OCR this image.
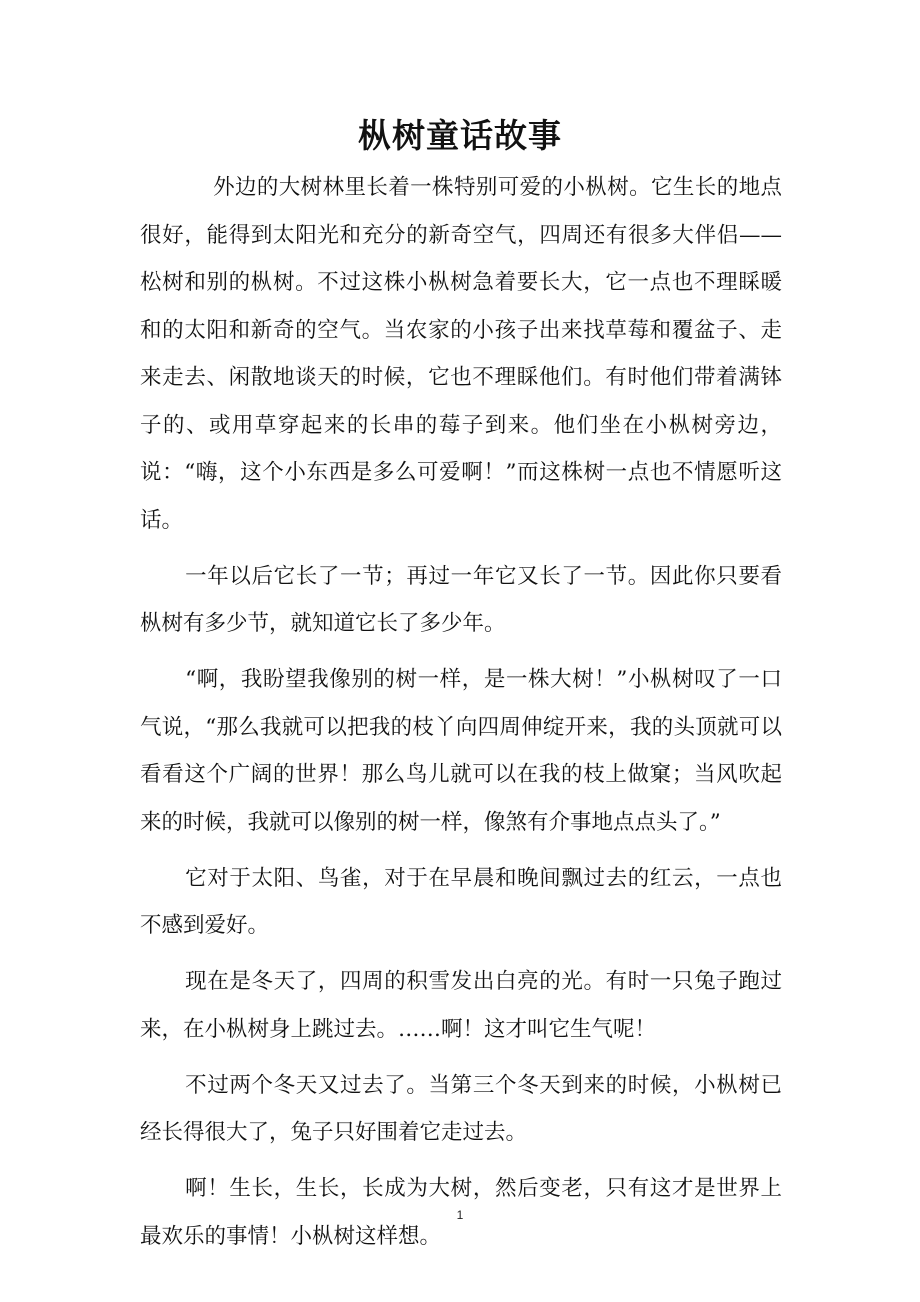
枞树童话故事

外边的大树林里长着一株特别可爱的小枞树。它生长的地点很好，能得到太阳光和充分的新奇空气，四周还有很多大伴侣——松树和别的枞树。不过这株小枞树急着要长大，它一点也不理睬暖和的太阳和新奇的空气。当农家的小孩子出来找草莓和覆盆子、走来走去、闲散地谈天的时候，它也不理睬他们。有时他们带着满钵子的、或用草穿起来的长串的莓子到来。他们坐在小枞树旁边，说：“嗨，这个小东西是多么可爱啊！”而这株树一点也不情愿听这话。

一年以后它长了一节；再过一年它又长了一节。因此你只要看枞树有多少节，就知道它长了多少年。

“啊，我盼望我像别的树一样，是一株大树！”小枞树叹了一口气说，“那么我就可以把我的枝丫向四周伸绽开来，我的头顶就可以看看这个广阔的世界！那么鸟儿就可以在我的枝上做窠；当风吹起来的时候，我就可以像别的树一样，像煞有介事地点点头了。”

它对于太阳、鸟雀，对于在早晨和晚间飘过去的红云，一点也不感到爱好。

现在是冬天了，四周的积雪发出白亮的光。有时一只兔子跑过来，在小枞树身上跳过去。……啊！这才叫它生气呢！

不过两个冬天又过去了。当第三个冬天到来的时候，小枞树已经长得很大了，兔子只好围着它走过去。

啊！生长，生长，长成为大树，然后变老，只有这才是世界上最欢乐的事情！小枞树这样想。

1
